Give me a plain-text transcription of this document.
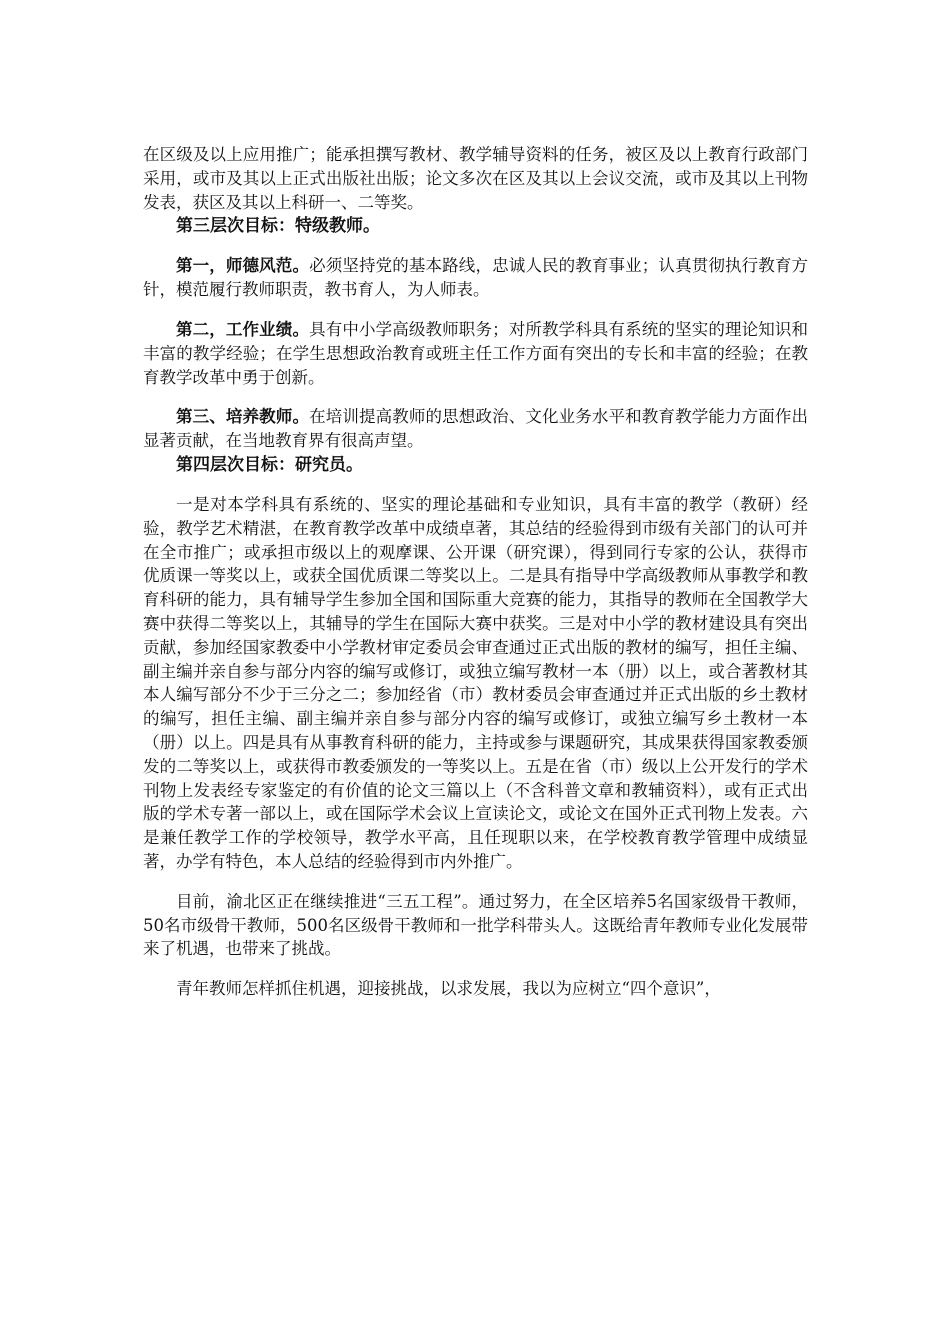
在区级及以上应用推广；能承担撰写教材、教学辅导资料的任务，被区及以上教育行政部门采用，或市及其以上正式出版社出版；论文多次在区及其以上会议交流，或市及其以上刊物发表，获区及其以上科研一、二等奖。

第三层次目标：特级教师。

第一，师德风范。必须坚持党的基本路线，忠诚人民的教育事业；认真贯彻执行教育方针，模范履行教师职责，教书育人，为人师表。

第二，工作业绩。具有中小学高级教师职务；对所教学科具有系统的坚实的理论知识和丰富的教学经验；在学生思想政治教育或班主任工作方面有突出的专长和丰富的经验；在教育教学改革中勇于创新。

第三、培养教师。在培训提高教师的思想政治、文化业务水平和教育教学能力方面作出显著贡献，在当地教育界有很高声望。

第四层次目标：研究员。

一是对本学科具有系统的、坚实的理论基础和专业知识，具有丰富的教学（教研）经验，教学艺术精湛，在教育教学改革中成绩卓著，其总结的经验得到市级有关部门的认可并在全市推广；或承担市级以上的观摩课、公开课（研究课），得到同行专家的公认，获得市优质课一等奖以上，或获全国优质课二等奖以上。二是具有指导中学高级教师从事教学和教育科研的能力，具有辅导学生参加全国和国际重大竞赛的能力，其指导的教师在全国教学大赛中获得二等奖以上，其辅导的学生在国际大赛中获奖。三是对中小学的教材建设具有突出贡献，参加经国家教委中小学教材审定委员会审查通过正式出版的教材的编写，担任主编、副主编并亲自参与部分内容的编写或修订，或独立编写教材一本（册）以上，或合著教材其本人编写部分不少于三分之二；参加经省（市）教材委员会审查通过并正式出版的乡土教材的编写，担任主编、副主编并亲自参与部分内容的编写或修订，或独立编写乡土教材一本（册）以上。四是具有从事教育科研的能力，主持或参与课题研究，其成果获得国家教委颁发的二等奖以上，或获得市教委颁发的一等奖以上。五是在省（市）级以上公开发行的学术刊物上发表经专家鉴定的有价值的论文三篇以上（不含科普文章和教辅资料），或有正式出版的学术专著一部以上，或在国际学术会议上宣读论文，或论文在国外正式刊物上发表。六是兼任教学工作的学校领导，教学水平高，且任现职以来，在学校教育教学管理中成绩显著，办学有特色，本人总结的经验得到市内外推广。

目前，渝北区正在继续推进“三五工程”。通过努力，在全区培养5名国家级骨干教师，50名市级骨干教师，500名区级骨干教师和一批学科带头人。这既给青年教师专业化发展带来了机遇，也带来了挑战。

青年教师怎样抓住机遇，迎接挑战，以求发展，我以为应树立“四个意识”，
